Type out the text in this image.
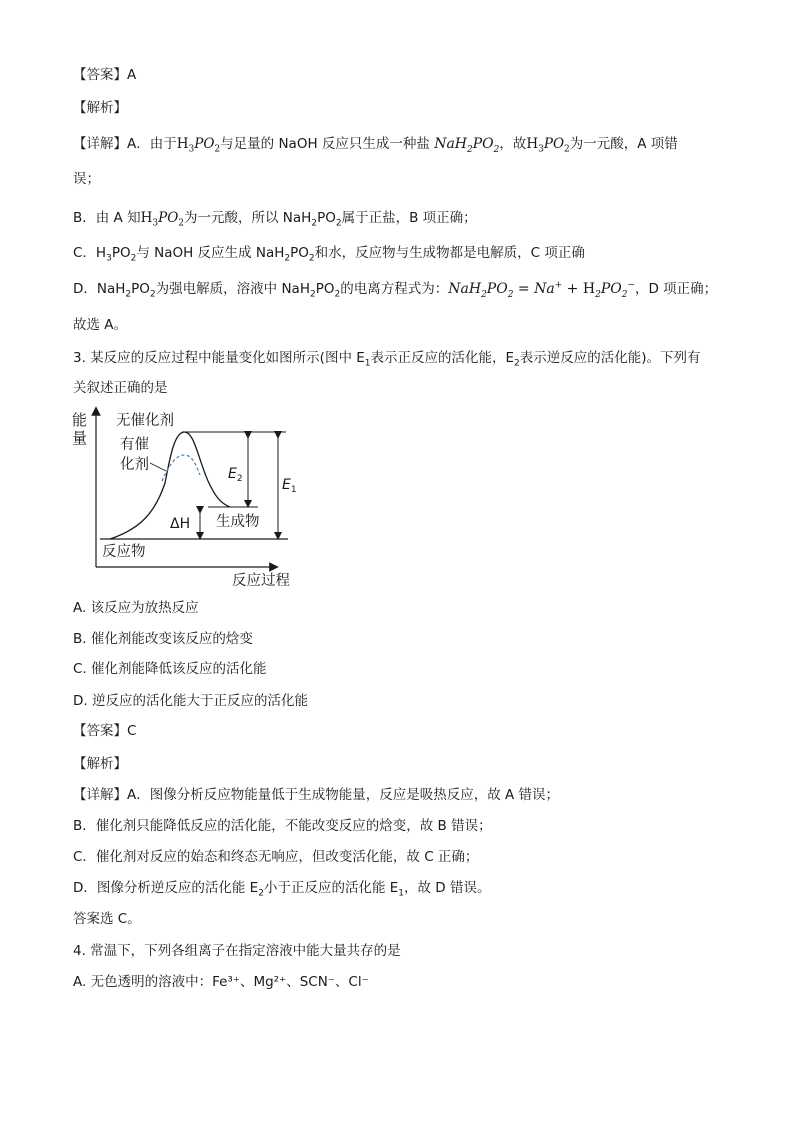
【答案】A
【解析】
【详解】A．由于$H_3PO_2$与足量的 NaOH 反应只生成一种盐 $NaH_2PO_2$，故$H_3PO_2$为一元酸，A 项错
误；
B．由 A 知$H_3PO_2$为一元酸，所以 $NaH_2PO_2$属于正盐，B 项正确；
C．$H_3PO_2$与 NaOH 反应生成 $NaH_2PO_2$和水，反应物与生成物都是电解质，C 项正确
D．$NaH_2PO_2$为强电解质，溶液中 $NaH_2PO_2$的电离方程式为：$NaH_2PO_2 = Na^+ + H_2PO_2^-$，D 项正确；
故选 A。
3. 某反应的反应过程中能量变化如图所示(图中 $E_1$表示正反应的活化能，$E_2$表示逆反应的活化能)。下列有
关叙述正确的是
能
量
反应过程
$E_2$	$E_1$
ΔH
无催化剂
有催
化剂
生成物
反应物
A. 该反应为放热反应
B. 催化剂能改变该反应的焓变
C. 催化剂能降低该反应的活化能
D. 逆反应的活化能大于正反应的活化能
【答案】C
【解析】
【详解】A．图像分析反应物能量低于生成物能量，反应是吸热反应，故 A 错误；
B．催化剂只能降低反应的活化能，不能改变反应的焓变，故 B 错误；
C．催化剂对反应的始态和终态无响应，但改变活化能，故 C 正确；
D．图像分析逆反应的活化能 $E_2$小于正反应的活化能 $E_1$，故 D 错误。
答案选 C。
4. 常温下，下列各组离子在指定溶液中能大量共存的是
A. 无色透明的溶液中：Fe³⁺、Mg²⁺、SCN⁻、Cl⁻
